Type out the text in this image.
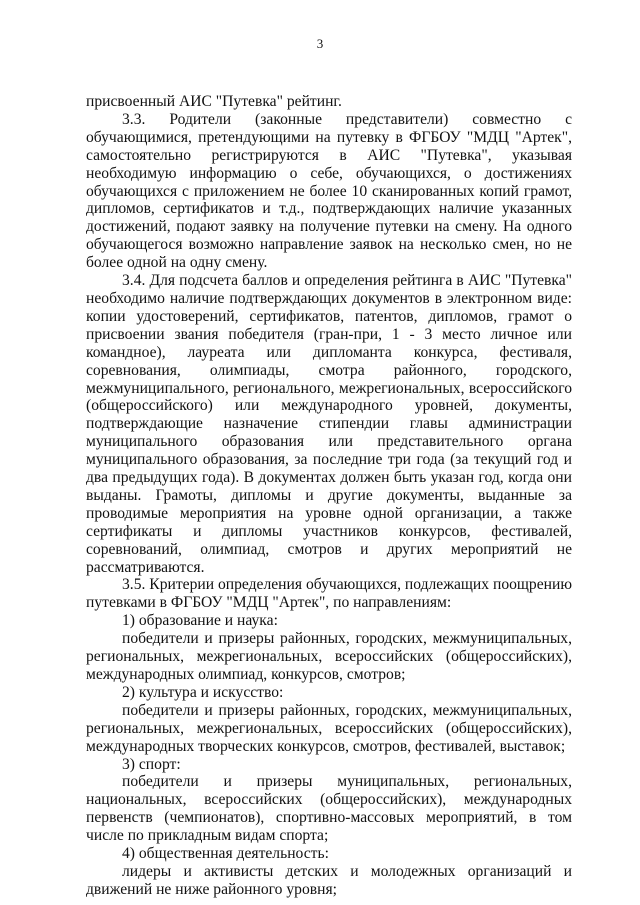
3

присвоенный АИС "Путевка" рейтинг.

3.3. Родители (законные представители) совместно с обучающимися, претендующими на путевку в ФГБОУ "МДЦ "Артек", самостоятельно регистрируются в АИС "Путевка", указывая необходимую информацию о себе, обучающихся, о достижениях обучающихся с приложением не более 10 сканированных копий грамот, дипломов, сертификатов и т.д., подтверждающих наличие указанных достижений, подают заявку на получение путевки на смену. На одного обучающегося возможно направление заявок на несколько смен, но не более одной на одну смену.

3.4. Для подсчета баллов и определения рейтинга в АИС "Путевка" необходимо наличие подтверждающих документов в электронном виде: копии удостоверений, сертификатов, патентов, дипломов, грамот о присвоении звания победителя (гран-при, 1 - 3 место личное или командное), лауреата или дипломанта конкурса, фестиваля, соревнования, олимпиады, смотра районного, городского, межмуниципального, регионального, межрегиональных, всероссийского (общероссийского) или международного уровней, документы, подтверждающие назначение стипендии главы администрации муниципального образования или представительного органа муниципального образования, за последние три года (за текущий год и два предыдущих года). В документах должен быть указан год, когда они выданы. Грамоты, дипломы и другие документы, выданные за проводимые мероприятия на уровне одной организации, а также сертификаты и дипломы участников конкурсов, фестивалей, соревнований, олимпиад, смотров и других мероприятий не рассматриваются.

3.5. Критерии определения обучающихся, подлежащих поощрению путевками в ФГБОУ "МДЦ "Артек", по направлениям:

1) образование и наука:

победители и призеры районных, городских, межмуниципальных, региональных, межрегиональных, всероссийских (общероссийских), международных олимпиад, конкурсов, смотров;

2) культура и искусство:

победители и призеры районных, городских, межмуниципальных, региональных, межрегиональных, всероссийских (общероссийских), международных творческих конкурсов, смотров, фестивалей, выставок;

3) спорт:

победители и призеры муниципальных, региональных, национальных, всероссийских (общероссийских), международных первенств (чемпионатов), спортивно-массовых мероприятий, в том числе по прикладным видам спорта;

4) общественная деятельность:

лидеры и активисты детских и молодежных организаций и движений не ниже районного уровня;
